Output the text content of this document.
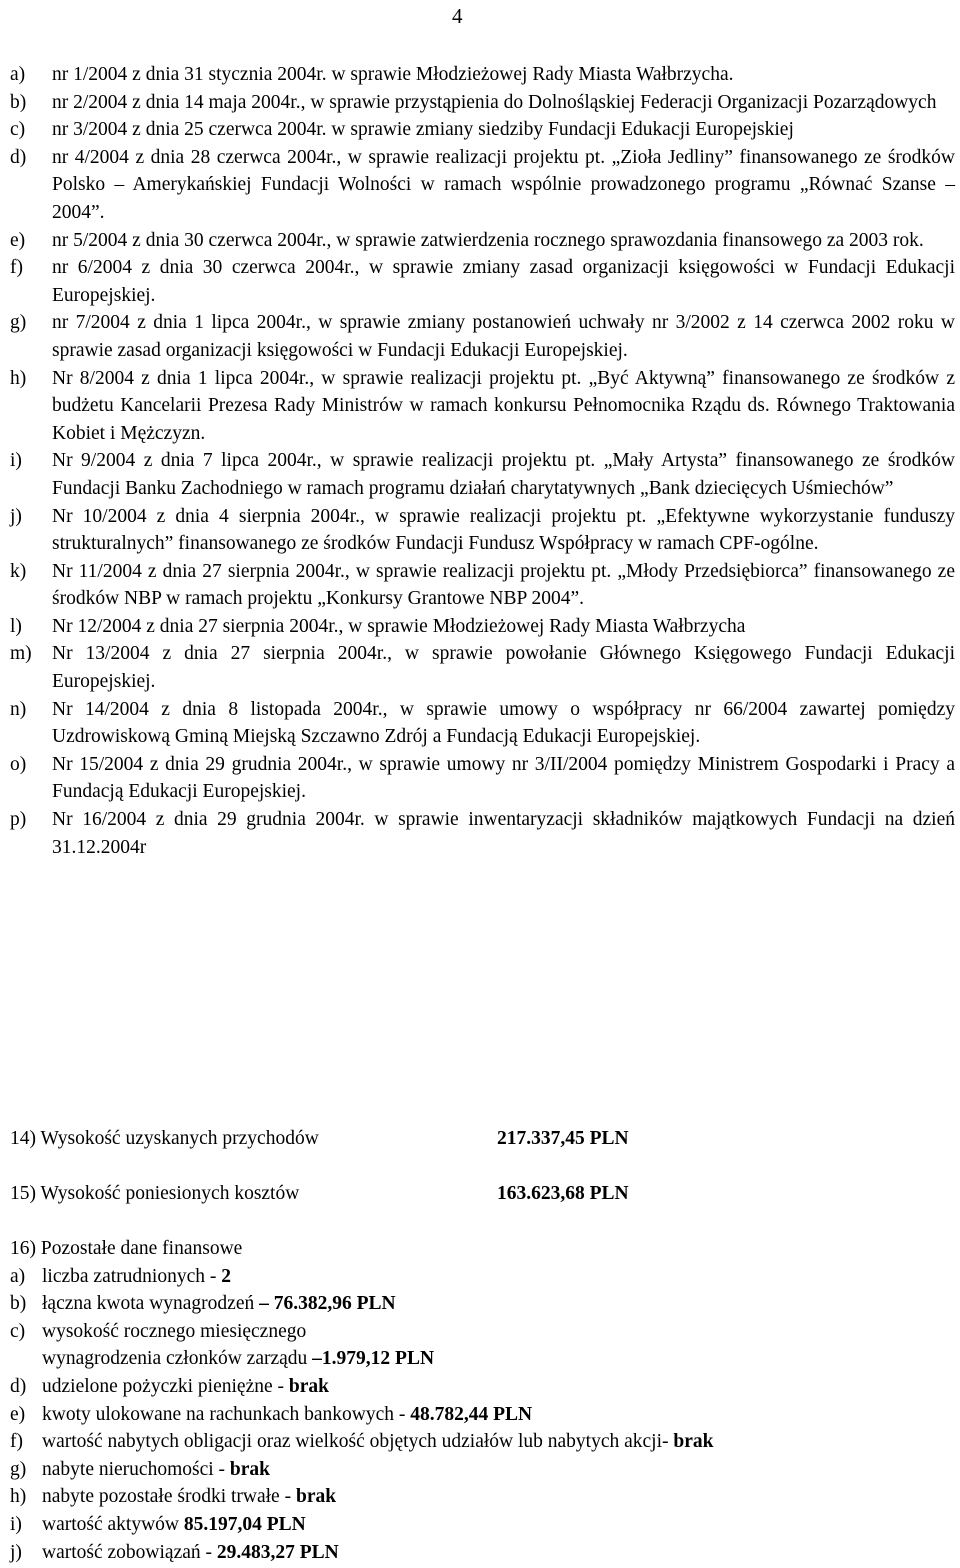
4
a)	nr 1/2004 z dnia 31 stycznia 2004r. w sprawie Młodzieżowej Rady Miasta Wałbrzycha.
b)	nr 2/2004 z dnia 14 maja 2004r., w sprawie przystąpienia do Dolnośląskiej Federacji Organizacji Pozarządowych
c)	nr 3/2004 z dnia 25 czerwca 2004r. w sprawie zmiany siedziby Fundacji Edukacji Europejskiej
d)	nr 4/2004 z dnia 28 czerwca 2004r., w sprawie realizacji projektu pt. „Zioła Jedliny” finansowanego ze środków Polsko – Amerykańskiej Fundacji Wolności w ramach wspólnie prowadzonego programu „Równać Szanse – 2004”.
e)	nr 5/2004 z dnia 30 czerwca 2004r., w sprawie zatwierdzenia rocznego sprawozdania finansowego za 2003 rok.
f)	nr 6/2004 z dnia 30 czerwca 2004r., w sprawie zmiany zasad organizacji księgowości w Fundacji Edukacji Europejskiej.
g)	nr 7/2004 z dnia 1 lipca 2004r., w sprawie zmiany postanowień uchwały nr 3/2002 z 14 czerwca 2002 roku w sprawie zasad organizacji księgowości w Fundacji Edukacji Europejskiej.
h)	Nr 8/2004 z dnia 1 lipca 2004r., w sprawie realizacji projektu pt. „Być Aktywną” finansowanego ze środków z budżetu Kancelarii Prezesa Rady Ministrów w ramach konkursu Pełnomocnika Rządu ds. Równego Traktowania Kobiet i Mężczyzn.
i)	Nr 9/2004 z dnia 7 lipca 2004r., w sprawie realizacji projektu pt. „Mały Artysta” finansowanego ze środków Fundacji Banku Zachodniego w ramach programu działań charytatywnych „Bank dziecięcych Uśmiechów”
j)	Nr 10/2004 z dnia 4 sierpnia 2004r., w sprawie realizacji projektu pt. „Efektywne wykorzystanie funduszy strukturalnych” finansowanego ze środków Fundacji Fundusz Współpracy w ramach CPF-ogólne.
k)	Nr 11/2004 z dnia 27 sierpnia 2004r., w sprawie realizacji projektu pt. „Młody Przedsiębiorca” finansowanego ze środków NBP w ramach projektu „Konkursy Grantowe NBP 2004”.
l)	Nr 12/2004 z dnia 27 sierpnia 2004r., w sprawie Młodzieżowej Rady Miasta Wałbrzycha
m)	Nr 13/2004 z dnia 27 sierpnia 2004r., w sprawie powołanie Głównego Księgowego Fundacji Edukacji Europejskiej.
n)	Nr 14/2004 z dnia 8 listopada 2004r., w sprawie umowy o współpracy nr 66/2004 zawartej pomiędzy Uzdrowiskową Gminą Miejską Szczawno Zdrój a Fundacją Edukacji Europejskiej.
o)	Nr 15/2004 z dnia 29 grudnia 2004r., w sprawie umowy nr 3/II/2004 pomiędzy Ministrem Gospodarki i Pracy a Fundacją Edukacji Europejskiej.
p)	Nr 16/2004 z dnia 29 grudnia 2004r. w sprawie inwentaryzacji składników majątkowych Fundacji na dzień 31.12.2004r
14) Wysokość uzyskanych przychodów	217.337,45 PLN
15) Wysokość poniesionych kosztów	163.623,68 PLN
16) Pozostałe dane finansowe
a) liczba zatrudnionych - 2
b) łączna kwota wynagrodzeń – 76.382,96 PLN
c) wysokość rocznego miesięcznego
wynagrodzenia członków zarządu –1.979,12 PLN
d) udzielone pożyczki pieniężne - brak
e) kwoty ulokowane na rachunkach bankowych - 48.782,44 PLN
f) wartość nabytych obligacji oraz wielkość objętych udziałów lub nabytych akcji- brak
g) nabyte nieruchomości - brak
h) nabyte pozostałe środki trwałe - brak
i)	wartość aktywów 85.197,04 PLN
j)	wartość zobowiązań - 29.483,27 PLN
